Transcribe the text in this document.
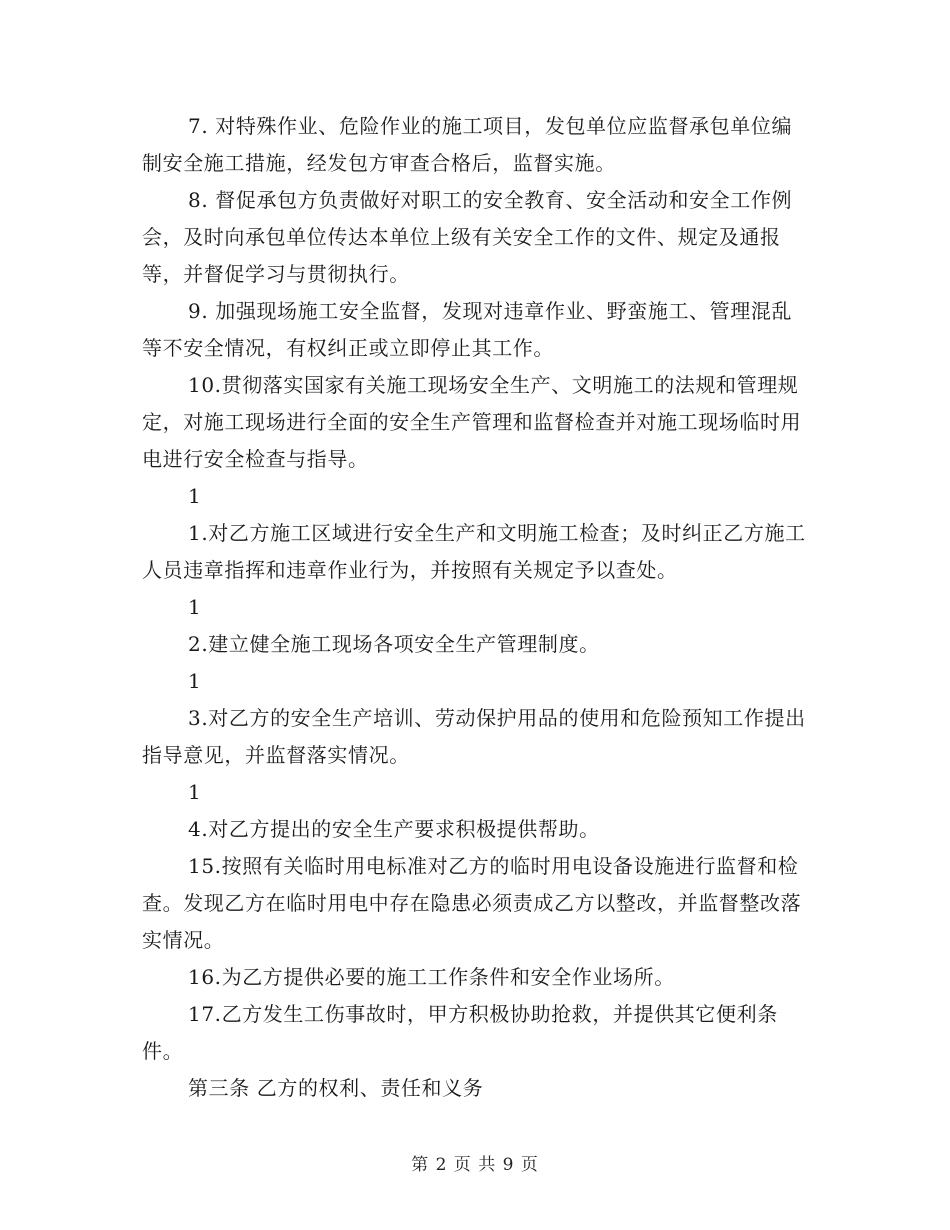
7. 对特殊作业、危险作业的施工项目，发包单位应监督承包单位编制安全施工措施，经发包方审查合格后，监督实施。

8. 督促承包方负责做好对职工的安全教育、安全活动和安全工作例会，及时向承包单位传达本单位上级有关安全工作的文件、规定及通报等，并督促学习与贯彻执行。

9. 加强现场施工安全监督，发现对违章作业、野蛮施工、管理混乱等不安全情况，有权纠正或立即停止其工作。

10.贯彻落实国家有关施工现场安全生产、文明施工的法规和管理规定，对施工现场进行全面的安全生产管理和监督检查并对施工现场临时用电进行安全检查与指导。

1

1.对乙方施工区域进行安全生产和文明施工检查；及时纠正乙方施工人员违章指挥和违章作业行为，并按照有关规定予以查处。

1

2.建立健全施工现场各项安全生产管理制度。

1

3.对乙方的安全生产培训、劳动保护用品的使用和危险预知工作提出指导意见，并监督落实情况。

1

4.对乙方提出的安全生产要求积极提供帮助。

15.按照有关临时用电标准对乙方的临时用电设备设施进行监督和检查。发现乙方在临时用电中存在隐患必须责成乙方以整改，并监督整改落实情况。

16.为乙方提供必要的施工工作条件和安全作业场所。

17.乙方发生工伤事故时，甲方积极协助抢救，并提供其它便利条件。

第三条 乙方的权利、责任和义务

第 2 页 共 9 页
